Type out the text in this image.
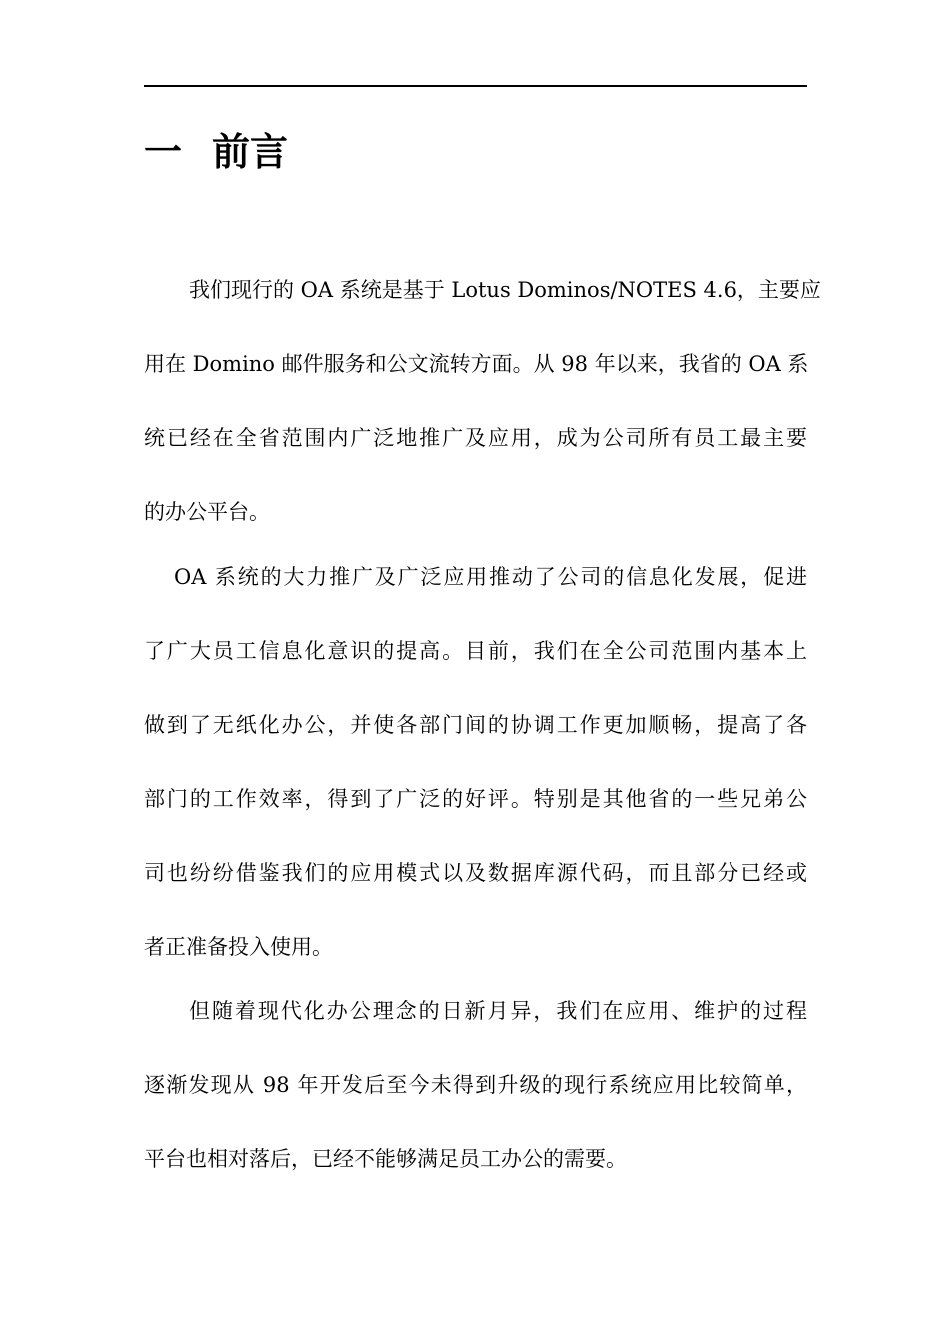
一 前言
我们现行的 OA 系统是基于 Lotus Dominos/NOTES 4.6，主要应
用在 Domino 邮件服务和公文流转方面。从 98 年以来，我省的 OA 系
统已经在全省范围内广泛地推广及应用，成为公司所有员工最主要
的办公平台。
OA 系统的大力推广及广泛应用推动了公司的信息化发展，促进
了广大员工信息化意识的提高。目前，我们在全公司范围内基本上
做到了无纸化办公，并使各部门间的协调工作更加顺畅，提高了各
部门的工作效率，得到了广泛的好评。特别是其他省的一些兄弟公
司也纷纷借鉴我们的应用模式以及数据库源代码，而且部分已经或
者正准备投入使用。
但随着现代化办公理念的日新月异，我们在应用、维护的过程
逐渐发现从 98 年开发后至今未得到升级的现行系统应用比较简单，
平台也相对落后，已经不能够满足员工办公的需要。
